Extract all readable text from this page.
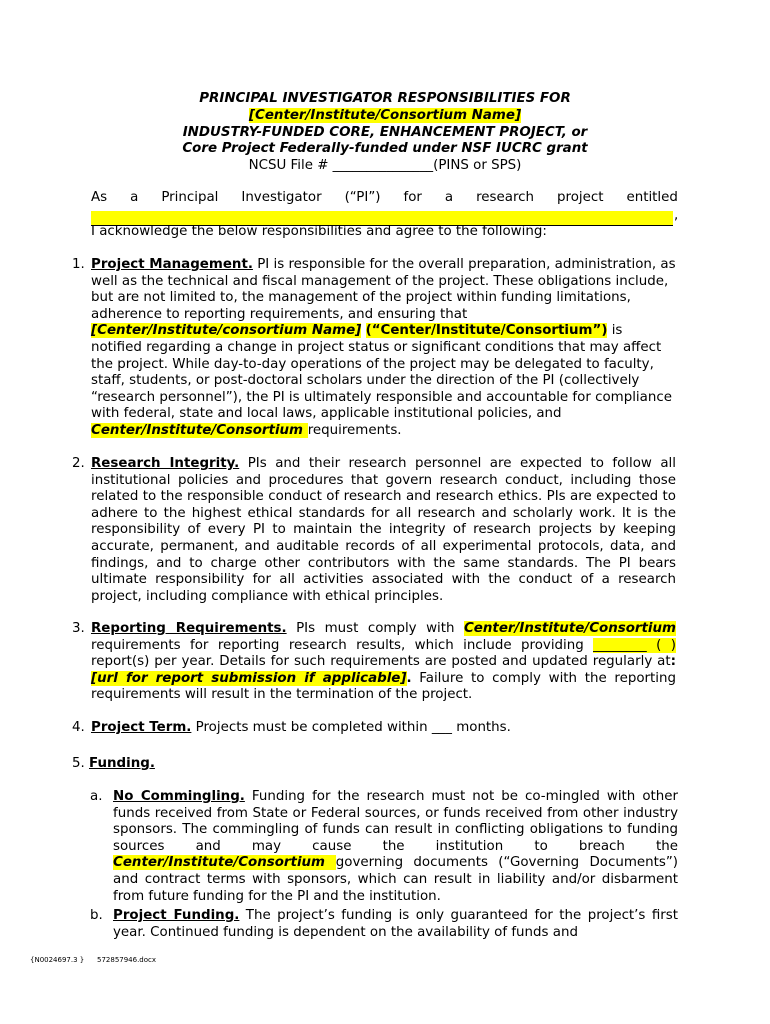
PRINCIPAL INVESTIGATOR RESPONSIBILITIES FOR
[Center/Institute/Consortium Name]
INDUSTRY-FUNDED CORE, ENHANCEMENT PROJECT, or
Core Project Federally-funded under NSF IUCRC grant
NCSU File # _______________(PINS or SPS)
As a Principal Investigator (“PI”) for a research project entitled
,
I acknowledge the below responsibilities and agree to the following:
1. Project Management. PI is responsible for the overall preparation, administration, as well as the technical and fiscal management of the project. These obligations include, but are not limited to, the management of the project within funding limitations, adherence to reporting requirements, and ensuring that [Center/Institute/consortium Name] (“Center/Institute/Consortium”) is notified regarding a change in project status or significant conditions that may affect the project. While day-to-day operations of the project may be delegated to faculty, staff, students, or post-doctoral scholars under the direction of the PI (collectively “research personnel”), the PI is ultimately responsible and accountable for compliance with federal, state and local laws, applicable institutional policies, and Center/Institute/Consortium requirements.
2. Research Integrity. PIs and their research personnel are expected to follow all institutional policies and procedures that govern research conduct, including those related to the responsible conduct of research and research ethics. PIs are expected to adhere to the highest ethical standards for all research and scholarly work. It is the responsibility of every PI to maintain the integrity of research projects by keeping accurate, permanent, and auditable records of all experimental protocols, data, and findings, and to charge other contributors with the same standards. The PI bears ultimate responsibility for all activities associated with the conduct of a research project, including compliance with ethical principles.
3. Reporting Requirements. PIs must comply with Center/Institute/Consortium requirements for reporting research results, which include providing ________ ( ) report(s) per year. Details for such requirements are posted and updated regularly at: [url for report submission if applicable]. Failure to comply with the reporting requirements will result in the termination of the project.
4. Project Term. Projects must be completed within ___ months.
5. Funding.
a. No Commingling. Funding for the research must not be co-mingled with other funds received from State or Federal sources, or funds received from other industry sponsors. The commingling of funds can result in conflicting obligations to funding sources and may cause the institution to breach the Center/Institute/Consortium governing documents (“Governing Documents”) and contract terms with sponsors, which can result in liability and/or disbarment from future funding for the PI and the institution.
b. Project Funding. The project’s funding is only guaranteed for the project’s first year. Continued funding is dependent on the availability of funds and
{N0024697.3 } 572857946.docx
